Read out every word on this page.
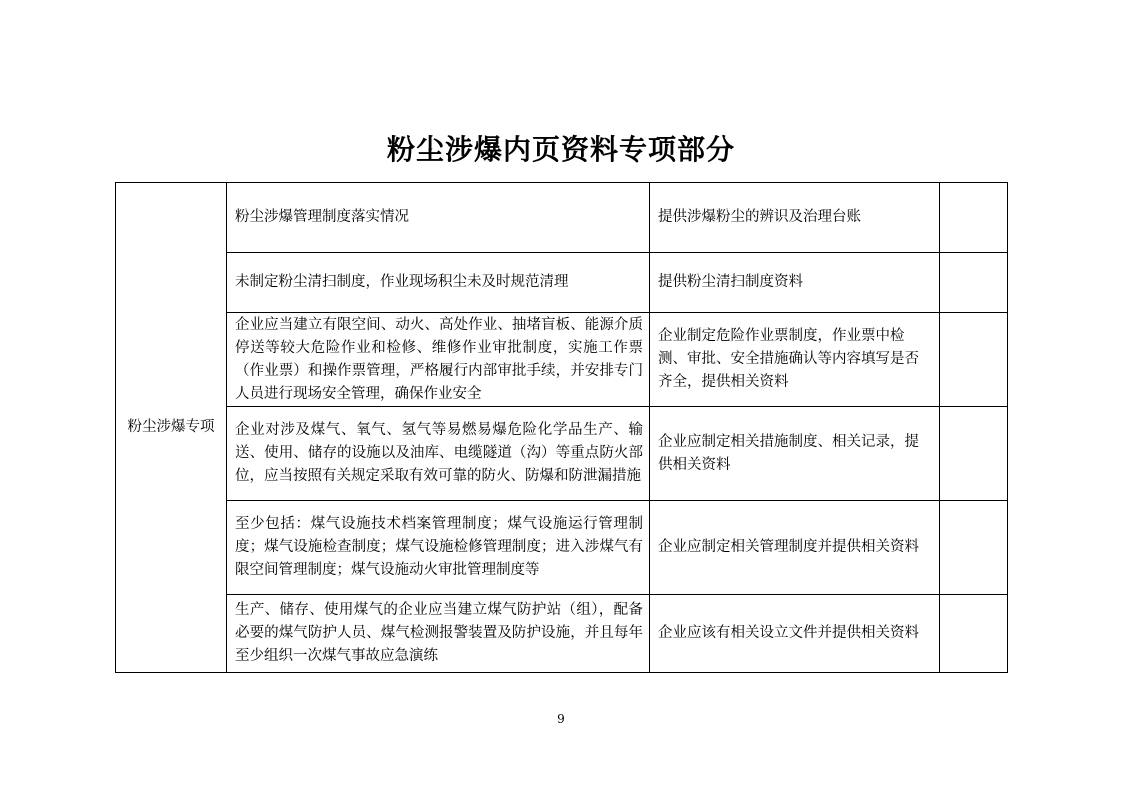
粉尘涉爆内页资料专项部分
粉尘涉爆专项	粉尘涉爆管理制度落实情况	提供涉爆粉尘的辨识及治理台账	
	未制定粉尘清扫制度，作业现场积尘未及时规范清理	提供粉尘清扫制度资料	
	企业应当建立有限空间、动火、高处作业、抽堵盲板、能源介质停送等较大危险作业和检修、维修作业审批制度，实施工作票（作业票）和操作票管理，严格履行内部审批手续，并安排专门人员进行现场安全管理，确保作业安全	企业制定危险作业票制度，作业票中检测、审批、安全措施确认等内容填写是否齐全，提供相关资料	
	企业对涉及煤气、氧气、氢气等易燃易爆危险化学品生产、输送、使用、储存的设施以及油库、电缆隧道（沟）等重点防火部位，应当按照有关规定采取有效可靠的防火、防爆和防泄漏措施	企业应制定相关措施制度、相关记录，提供相关资料	
	至少包括：煤气设施技术档案管理制度；煤气设施运行管理制度；煤气设施检查制度；煤气设施检修管理制度；进入涉煤气有限空间管理制度；煤气设施动火审批管理制度等	企业应制定相关管理制度并提供相关资料	
	生产、储存、使用煤气的企业应当建立煤气防护站（组），配备必要的煤气防护人员、煤气检测报警装置及防护设施，并且每年至少组织一次煤气事故应急演练	企业应该有相关设立文件并提供相关资料	
9
